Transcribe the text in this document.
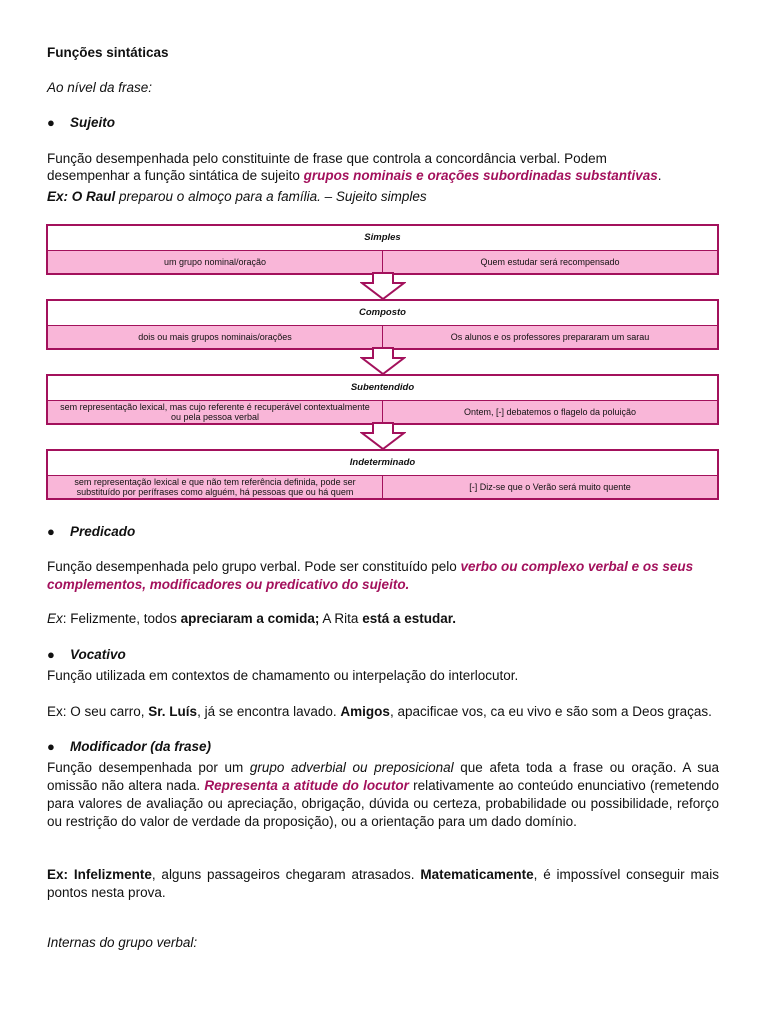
Funções sintáticas
Ao nível da frase:
● Sujeito
Função desempenhada pelo constituinte de frase que controla a concordância verbal. Podem
desempenhar a função sintática de sujeito grupos nominais e orações subordinadas substantivas.
Ex: O Raul preparou o almoço para a família. – Sujeito simples
Simples
um grupo nominal/oração	Quem estudar será recompensado
Composto
dois ou mais grupos nominais/orações	Os alunos e os professores prepararam um sarau
Subentendido
sem representação lexical, mas cujo referente é recuperável contextualmente ou pela pessoa verbal	Ontem, [-] debatemos o flagelo da poluição
Indeterminado
sem representação lexical e que não tem referência definida, pode ser substituído por perífrases como alguém, há pessoas que ou há quem	[-] Diz-se que o Verão será muito quente
● Predicado
Função desempenhada pelo grupo verbal. Pode ser constituído pelo verbo ou complexo verbal e os seus
complementos, modificadores ou predicativo do sujeito.
Ex: Felizmente, todos apreciaram a comida; A Rita está a estudar.
● Vocativo
Função utilizada em contextos de chamamento ou interpelação do interlocutor.
Ex: O seu carro, Sr. Luís, já se encontra lavado. Amigos, apacificae vos, ca eu vivo e são som a Deos graças.
● Modificador (da frase)
Função desempenhada por um grupo adverbial ou preposicional que afeta toda a frase ou oração. A sua omissão não altera nada. Representa a atitude do locutor relativamente ao conteúdo enunciativo (remetendo para valores de avaliação ou apreciação, obrigação, dúvida ou certeza, probabilidade ou possibilidade, reforço ou restrição do valor de verdade da proposição), ou a orientação para um dado domínio.
Ex: Infelizmente, alguns passageiros chegaram atrasados. Matematicamente, é impossível conseguir mais pontos nesta prova.
Internas do grupo verbal:
